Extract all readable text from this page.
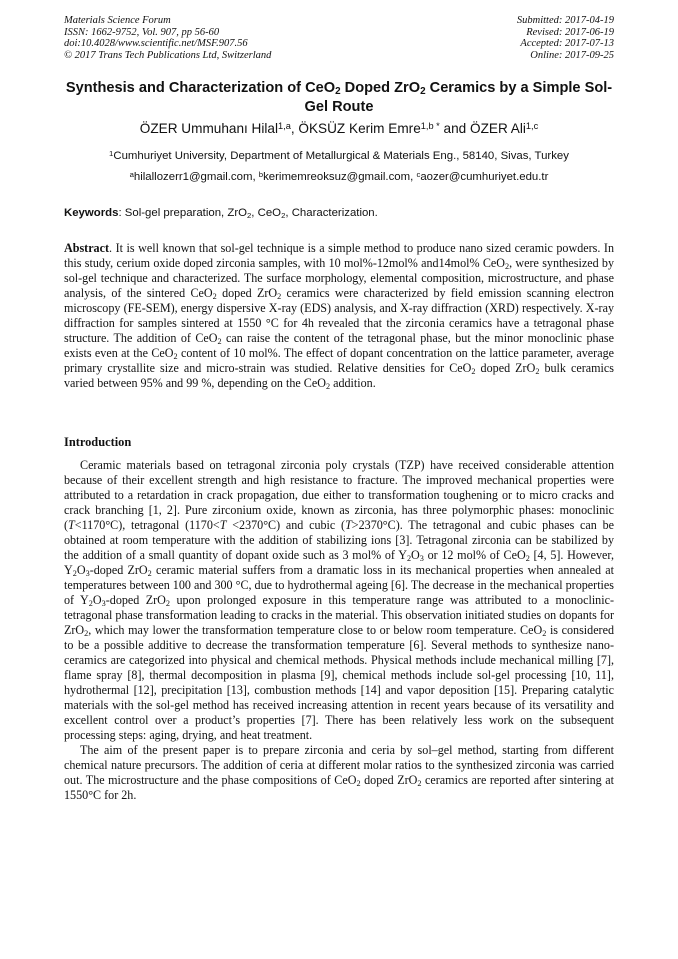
Materials Science Forum
ISSN: 1662-9752, Vol. 907, pp 56-60
doi:10.4028/www.scientific.net/MSF.907.56
© 2017 Trans Tech Publications Ltd, Switzerland
Submitted: 2017-04-19
Revised: 2017-06-19
Accepted: 2017-07-13
Online: 2017-09-25
Synthesis and Characterization of CeO$_2$ Doped ZrO$_2$ Ceramics by a Simple Sol-Gel Route
ÖZER Ummuhanı Hilal$^{1,a}$, ÖKSÜZ Kerim Emre$^{1,b *}$ and ÖZER Ali$^{1,c}$
$^1$Cumhuriyet University, Department of Metallurgical & Materials Eng., 58140, Sivas, Turkey
$^a$hilallozerr1@gmail.com, $^b$kerimemreoksuz@gmail.com, $^c$aozer@cumhuriyet.edu.tr
Keywords: Sol-gel preparation, ZrO$_2$, CeO$_2$, Characterization.

Abstract. It is well known that sol-gel technique is a simple method to produce nano sized ceramic powders. In this study, cerium oxide doped zirconia samples, with 10 mol%-12mol% and14mol% CeO$_2$, were synthesized by sol-gel technique and characterized. The surface morphology, elemental composition, microstructure, and phase analysis, of the sintered CeO$_2$ doped ZrO$_2$ ceramics were characterized by field emission scanning electron microscopy (FE-SEM), energy dispersive X-ray (EDS) analysis, and X-ray diffraction (XRD) respectively. X-ray diffraction for samples sintered at 1550 °C for 4h revealed that the zirconia ceramics have a tetragonal phase structure. The addition of CeO$_2$ can raise the content of the tetragonal phase, but the minor monoclinic phase exists even at the CeO$_2$ content of 10 mol%. The effect of dopant concentration on the lattice parameter, average primary crystallite size and micro-strain was studied. Relative densities for CeO$_2$ doped ZrO$_2$ bulk ceramics varied between 95% and 99 %, depending on the CeO$_2$ addition.

Introduction

Ceramic materials based on tetragonal zirconia poly crystals (TZP) have received considerable attention because of their excellent strength and high resistance to fracture. The improved mechanical properties were attributed to a retardation in crack propagation, due either to transformation toughening or to micro cracks and crack branching [1, 2]. Pure zirconium oxide, known as zirconia, has three polymorphic phases: monoclinic (T<1170°C), tetragonal (1170<T <2370°C) and cubic (T>2370°C). The tetragonal and cubic phases can be obtained at room temperature with the addition of stabilizing ions [3]. Tetragonal zirconia can be stabilized by the addition of a small quantity of dopant oxide such as 3 mol% of $Y_2O_3$ or 12 mol% of CeO$_2$ [4, 5]. However, $Y_2O_3$-doped ZrO$_2$ ceramic material suffers from a dramatic loss in its mechanical properties when annealed at temperatures between 100 and 300 °C, due to hydrothermal ageing [6]. The decrease in the mechanical properties of $Y_2O_3$-doped ZrO$_2$ upon prolonged exposure in this temperature range was attributed to a monoclinic-tetragonal phase transformation leading to cracks in the material. This observation initiated studies on dopants for ZrO$_2$, which may lower the transformation temperature close to or below room temperature. CeO$_2$ is considered to be a possible additive to decrease the transformation temperature [6]. Several methods to synthesize nano-ceramics are categorized into physical and chemical methods. Physical methods include mechanical milling [7], flame spray [8], thermal decomposition in plasma [9], chemical methods include sol-gel processing [10, 11], hydrothermal [12], precipitation [13], combustion methods [14] and vapor deposition [15]. Preparing catalytic materials with the sol-gel method has received increasing attention in recent years because of its versatility and excellent control over a product’s properties [7]. There has been relatively less work on the subsequent processing steps: aging, drying, and heat treatment.

The aim of the present paper is to prepare zirconia and ceria by sol–gel method, starting from different chemical nature precursors. The addition of ceria at different molar ratios to the synthesized zirconia was carried out. The microstructure and the phase compositions of CeO$_2$ doped ZrO$_2$ ceramics are reported after sintering at 1550°C for 2h.
